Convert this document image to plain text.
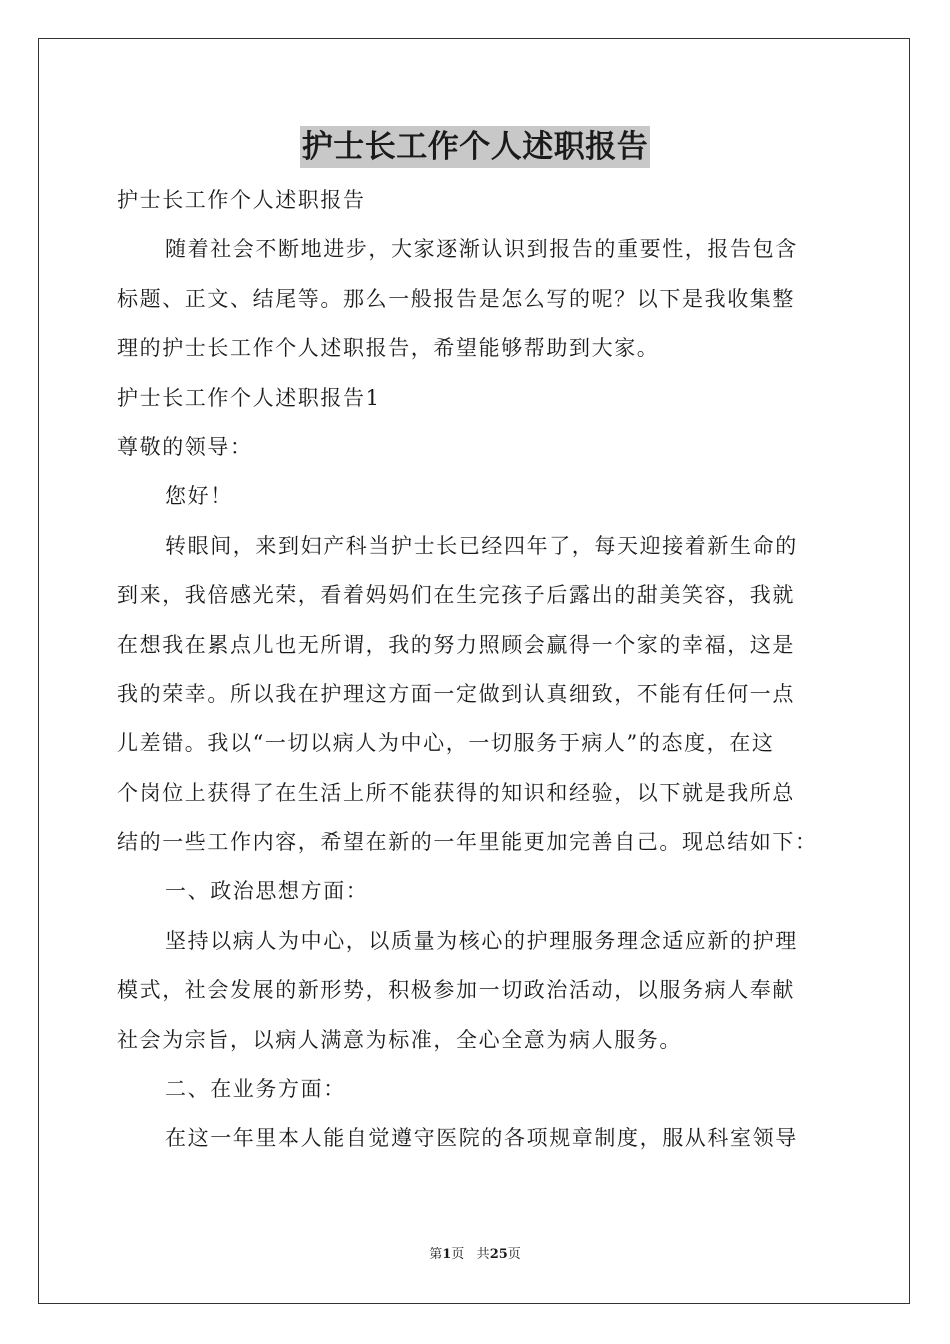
护士长工作个人述职报告
护士长工作个人述职报告
随着社会不断地进步，大家逐渐认识到报告的重要性，报告包含
标题、正文、结尾等。那么一般报告是怎么写的呢？以下是我收集整
理的护士长工作个人述职报告，希望能够帮助到大家。
护士长工作个人述职报告1
尊敬的领导：
您好！
转眼间，来到妇产科当护士长已经四年了，每天迎接着新生命的
到来，我倍感光荣，看着妈妈们在生完孩子后露出的甜美笑容，我就
在想我在累点儿也无所谓，我的努力照顾会赢得一个家的幸福，这是
我的荣幸。所以我在护理这方面一定做到认真细致，不能有任何一点
儿差错。我以“一切以病人为中心，一切服务于病人”的态度，在这
个岗位上获得了在生活上所不能获得的知识和经验，以下就是我所总
结的一些工作内容，希望在新的一年里能更加完善自己。现总结如下：
一、政治思想方面：
坚持以病人为中心，以质量为核心的护理服务理念适应新的护理
模式，社会发展的新形势，积极参加一切政治活动，以服务病人奉献
社会为宗旨，以病人满意为标准，全心全意为病人服务。
二、在业务方面：
在这一年里本人能自觉遵守医院的各项规章制度，服从科室领导
第1页 共25页
